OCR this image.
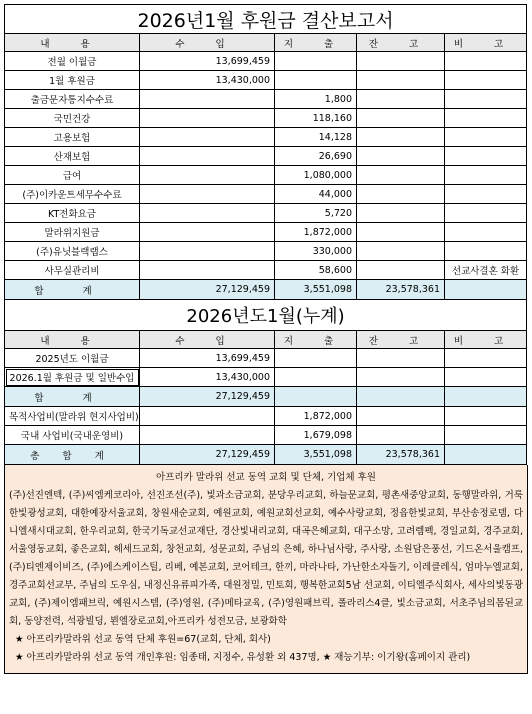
2026년1월 후원금 결산보고서				
내 용	수 입	지 출	잔 고	비 고
전월 이월금	13,699,459			
1월 후원금	13,430,000			
출금문자통지수수료		1,800		
국민건강		118,160		
고용보험		14,128		
산재보험		26,690		
급여		1,080,000		
(주)이카운트세무수수료		44,000		
KT전화요금		5,720		
말라위지원금		1,872,000		
(주)유닛블랙랩스		330,000		
사무실관리비		58,600		선교사결혼 화환
합 계	27,129,459	3,551,098	23,578,361	
2026년도1월(누계)				
내 용	수 입	지 출	잔 고	비 고
2025년도 이월금	13,699,459			
2026.1월 후원금 및 일반수입	13,430,000			
합 계	27,129,459			
목적사업비(말라위 현지사업비)		1,872,000		
국내 사업비(국내운영비)		1,679,098		
총 합 계	27,129,459	3,551,098	23,578,361	
아프리카 말라위 선교 동역 교회 및 단체, 기업체 후원
(주)선진엔텍, (주)씨엠케코리아, 선진조선(주), 빛과소금교회, 분당우리교회, 하늘문교회, 평촌새중앙교회, 동행말라위, 거룩한빛광성교회, 대한예장서울교회, 창원새순교회, 예원교회, 예원교회선교회, 예수사랑교회, 정읍한빛교회, 부산송정로뎀, 다니엘새시대교회, 한우리교회, 한국기독교선교재단, 경산빛내리교회, 대곡은혜교회, 대구소망, 고려렘펙, 경일교회, 경주교회, 서울영동교회, 좋은교회, 헤세드교회, 창천교회, 성문교회, 주님의 은혜, 하나님사랑, 주사랑, 소원담은풍선, 기드온서울캠프, (주)티엔제이비즈, (주)에스케이스틸, 리베, 예본교회, 코어테크, 한끼, 마라나타, 가난한소자돌기, 이레클레식, 엄마누엘교회, 경주교회선교부, 주님의 도우심, 내정신유류피가족, 대원정밀, 민토회, 행복한교회5남 선교회, 이티엘주식회사, 세사의빛동광교회, (주)제이엠패브릭, 예원시스템, (주)영원, (주)메타교육, (주)영원패브릭, 폴라리스4클, 빛소금교회, 서초주님의몸된교회, 동양전력, 석광빌딩, 뵌엘장로교회,아프리카 성전모금, 보광화학
★ 아프리카말라위 선교 동역 단체 후원=67(교회, 단체, 회사)
★ 아프리카말라위 선교 동역 개인후원: 임종태, 지정수, 유성환 외 437명, ★ 재능기부: 이기왕(홈페이지 관리)
